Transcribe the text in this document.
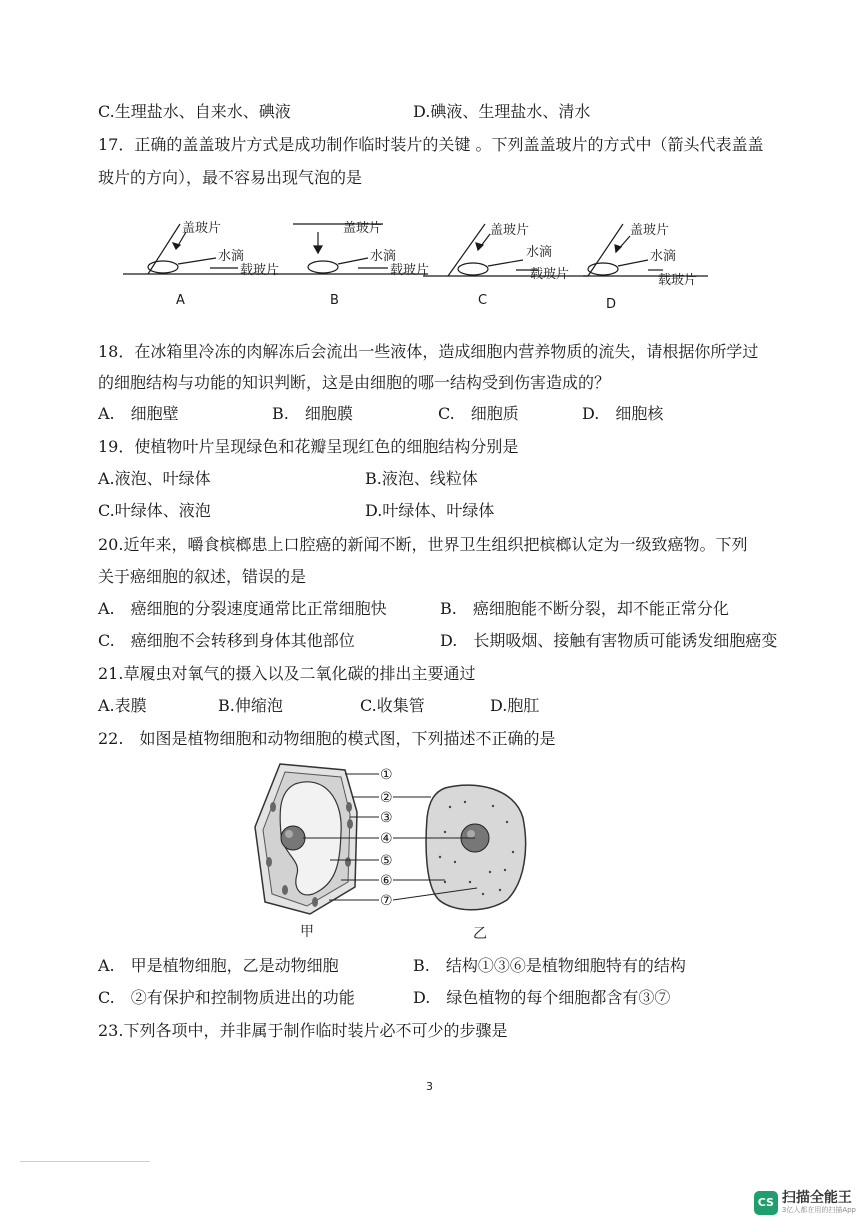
C.生理盐水、自来水、碘液	D.碘液、生理盐水、清水
17．正确的盖盖玻片方式是成功制作临时装片的关键 。下列盖盖玻片的方式中（箭头代表盖盖
玻片的方向），最不容易出现气泡的是
盖玻片
水滴
载玻片
A
盖玻片
水滴
载玻片
B
盖玻片
水滴
载玻片
C
盖玻片
水滴
载玻片
D
18．在冰箱里冷冻的肉解冻后会流出一些液体，造成细胞内营养物质的流失，请根据你所学过
的细胞结构与功能的知识判断，这是由细胞的哪一结构受到伤害造成的？
A.　细胞壁	B.　细胞膜	C.　细胞质	D.　细胞核
19．使植物叶片呈现绿色和花瓣呈现红色的细胞结构分别是
A.液泡、叶绿体	B.液泡、线粒体
C.叶绿体、液泡	D.叶绿体、叶绿体
20.近年来，嚼食槟榔患上口腔癌的新闻不断，世界卫生组织把槟榔认定为一级致癌物。下列
关于癌细胞的叙述，错误的是
A.　癌细胞的分裂速度通常比正常细胞快	B.　癌细胞能不断分裂，却不能正常分化
C.　癌细胞不会转移到身体其他部位	D.　长期吸烟、接触有害物质可能诱发细胞癌变
21.草履虫对氧气的摄入以及二氧化碳的排出主要通过
A.表膜	B.伸缩泡	C.收集管	D.胞肛
22.　如图是植物细胞和动物细胞的模式图，下列描述不正确的是
①
②
③
④
⑤
⑥
⑦
甲	乙
A.　甲是植物细胞，乙是动物细胞	B.　结构①③⑥是植物细胞特有的结构
C.　②有保护和控制物质进出的功能	D.　绿色植物的每个细胞都含有③⑦
23.下列各项中，并非属于制作临时装片必不可少的步骤是
3
CS 扫描全能王
3亿人都在用的扫描App
